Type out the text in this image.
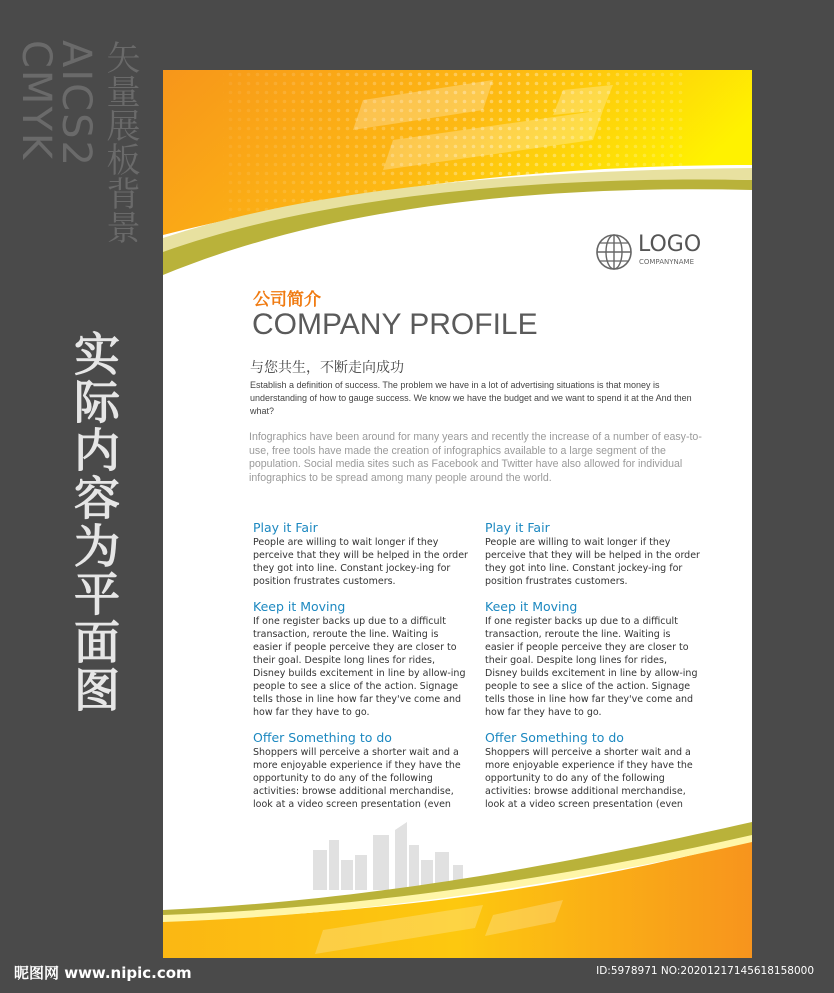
矢量展板背景
AICS2 CMYK
实际内容为平面图
LOGO
COMPANYNAME
公司简介
COMPANY PROFILE
与您共生，不断走向成功
Establish a definition of success. The problem we have in a lot of advertising situations is that money is understanding of how to gauge success. We know we have the budget and we want to spend it at the And then what?
Infographics have been around for many years and recently the increase of a number of easy-to-use, free tools have made the creation of infographics available to a large segment of the population. Social media sites such as Facebook and Twitter have also allowed for individual infographics to be spread among many people around the world.
Play it Fair

People are willing to wait longer if they perceive that they will be helped in the order they got into line. Constant jockey-ing for position frustrates customers.

Keep it Moving

If one register backs up due to a difficult transaction, reroute the line. Waiting is easier if people perceive they are closer to their goal. Despite long lines for rides, Disney builds excitement in line by allow-ing people to see a slice of the action. Signage tells those in line how far they've come and how far they have to go.

Offer Something to do

Shoppers will perceive a shorter wait and a more enjoyable experience if they have the opportunity to do any of the following activities: browse additional merchandise, look at a video screen presentation (even

Play it Fair

People are willing to wait longer if they perceive that they will be helped in the order they got into line. Constant jockey-ing for position frustrates customers.

Keep it Moving

If one register backs up due to a difficult transaction, reroute the line. Waiting is easier if people perceive they are closer to their goal. Despite long lines for rides, Disney builds excitement in line by allow-ing people to see a slice of the action. Signage tells those in line how far they've come and how far they have to go.

Offer Something to do

Shoppers will perceive a shorter wait and a more enjoyable experience if they have the opportunity to do any of the following activities: browse additional merchandise, look at a video screen presentation (even

昵图网 www.nipic.com	ID:5978971 NO:20201217145618158000
